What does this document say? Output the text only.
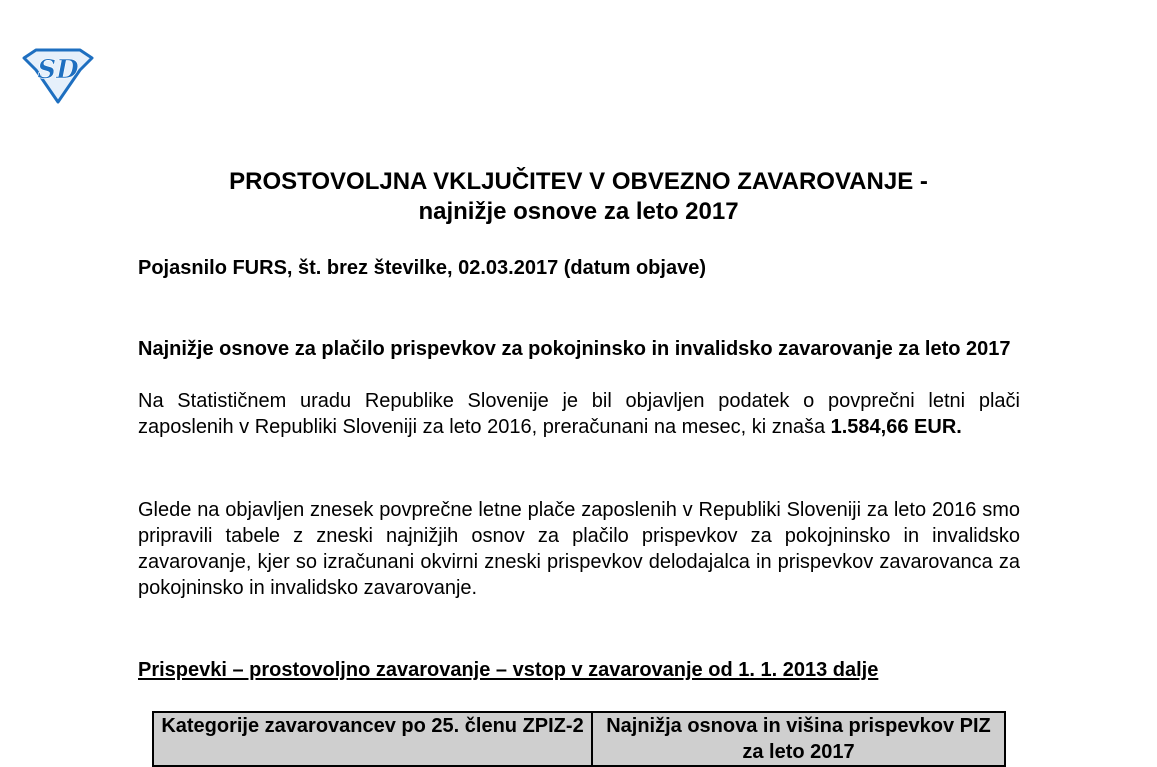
SD
PROSTOVOLJNA VKLJUČITEV V OBVEZNO ZAVAROVANJE -
najnižje osnove za leto 2017

Pojasnilo FURS, št. brez številke, 02.03.2017 (datum objave)

Najnižje osnove za plačilo prispevkov za pokojninsko in invalidsko zavarovanje za leto 2017

Na Statističnem uradu Republike Slovenije je bil objavljen podatek o povprečni letni plači zaposlenih v Republiki Sloveniji za leto 2016, preračunani na mesec, ki znaša 1.584,66 EUR.

Glede na objavljen znesek povprečne letne plače zaposlenih v Republiki Sloveniji za leto 2016 smo pripravili tabele z zneski najnižjih osnov za plačilo prispevkov za pokojninsko in invalidsko zavarovanje, kjer so izračunani okvirni zneski prispevkov delodajalca in prispevkov zavarovanca za pokojninsko in invalidsko zavarovanje.

Prispevki – prostovoljno zavarovanje – vstop v zavarovanje od 1. 1. 2013 dalje

Kategorije zavarovancev po 25. členu ZPIZ-2	Najnižja osnova in višina prispevkov PIZ za leto 2017
